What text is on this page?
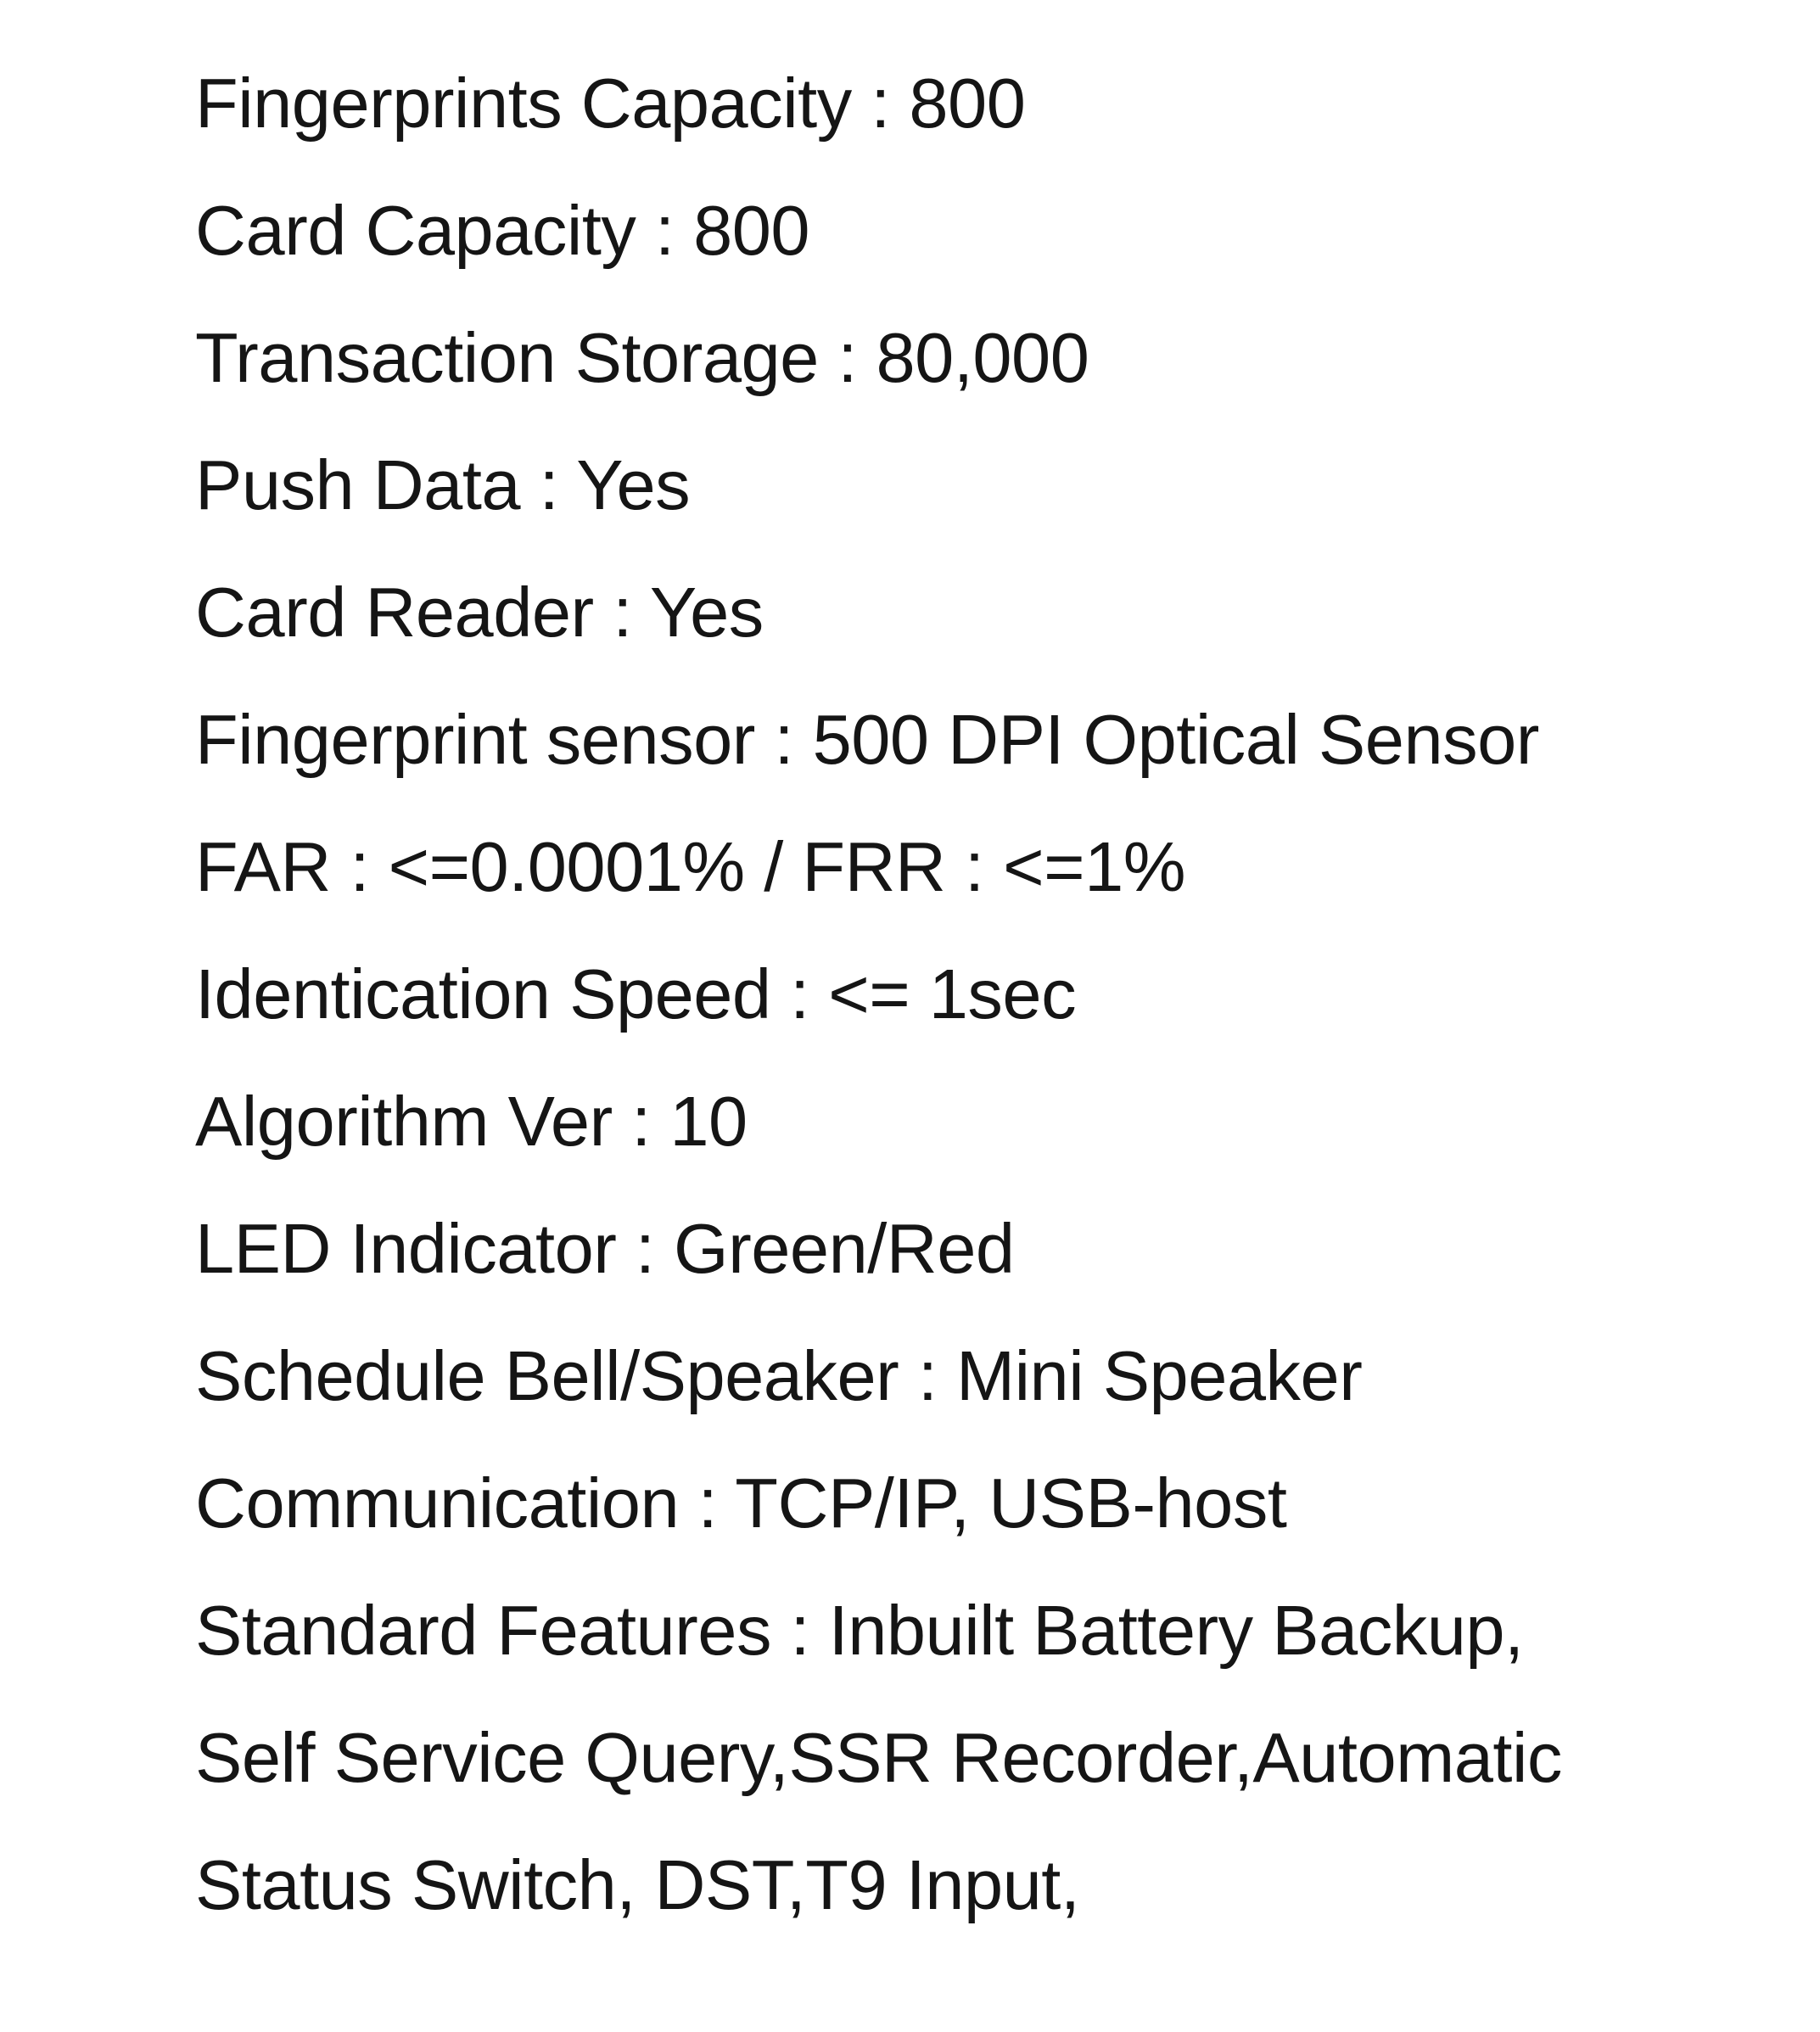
Fingerprints Capacity : 800
Card Capacity : 800
Transaction Storage : 80,000
Push Data : Yes
Card Reader : Yes
Fingerprint sensor : 500 DPI Optical Sensor
FAR : <=0.0001% / FRR : <=1%
Identication Speed : <= 1sec
Algorithm Ver : 10
LED Indicator : Green/Red
Schedule Bell/Speaker : Mini Speaker
Communication : TCP/IP, USB-host
Standard Features : Inbuilt Battery Backup,
Self Service Query,SSR Recorder,Automatic
Status Switch, DST,T9 Input,
